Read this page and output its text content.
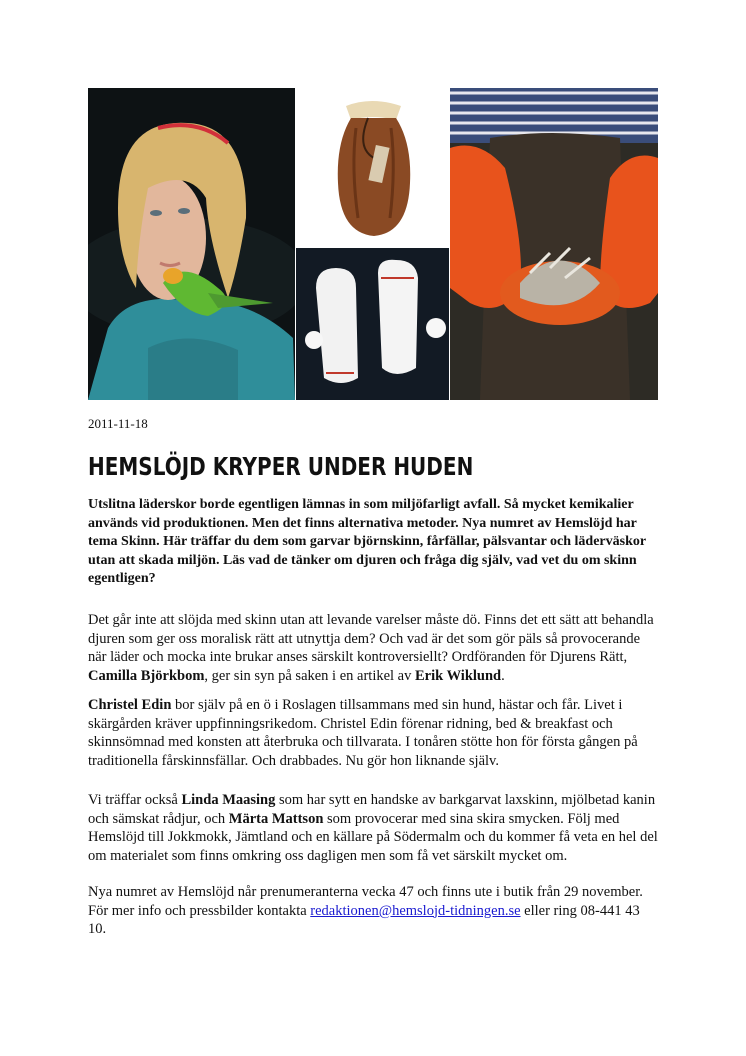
2011-11-18
HEMSLÖJD KRYPER UNDER HUDEN

Utslitna läderskor borde egentligen lämnas in som miljöfarligt avfall. Så mycket kemikalier används vid produktionen. Men det finns alternativa metoder. Nya numret av Hemslöjd har tema Skinn. Här träffar du dem som garvar björnskinn, fårfällar, pälsvantar och läderväskor utan att skada miljön. Läs vad de tänker om djuren och fråga dig själv, vad vet du om skinn egentligen?

Det går inte att slöjda med skinn utan att levande varelser måste dö. Finns det ett sätt att behandla djuren som ger oss moralisk rätt att utnyttja dem? Och vad är det som gör päls så provocerande när läder och mocka inte brukar anses särskilt kontroversiellt? Ordföranden för Djurens Rätt, Camilla Björkbom, ger sin syn på saken i en artikel av Erik Wiklund.

Christel Edin bor själv på en ö i Roslagen tillsammans med sin hund, hästar och får. Livet i skärgården kräver uppfinningsrikedom. Christel Edin förenar ridning, bed & breakfast och skinnsömnad med konsten att återbruka och tillvarata. I tonåren stötte hon för första gången på traditionella fårskinnsfällar. Och drabbades. Nu gör hon liknande själv.

Vi träffar också Linda Maasing som har sytt en handske av barkgarvat laxskinn, mjölbetad kanin och sämskat rådjur, och Märta Mattson som provocerar med sina skira smycken. Följ med Hemslöjd till Jokkmokk, Jämtland och en källare på Södermalm och du kommer få veta en hel del om materialet som finns omkring oss dagligen men som få vet särskilt mycket om.

Nya numret av Hemslöjd når prenumeranterna vecka 47 och finns ute i butik från 29 november. För mer info och pressbilder kontakta redaktionen@hemslojd-tidningen.se eller ring 08-441 43 10.
